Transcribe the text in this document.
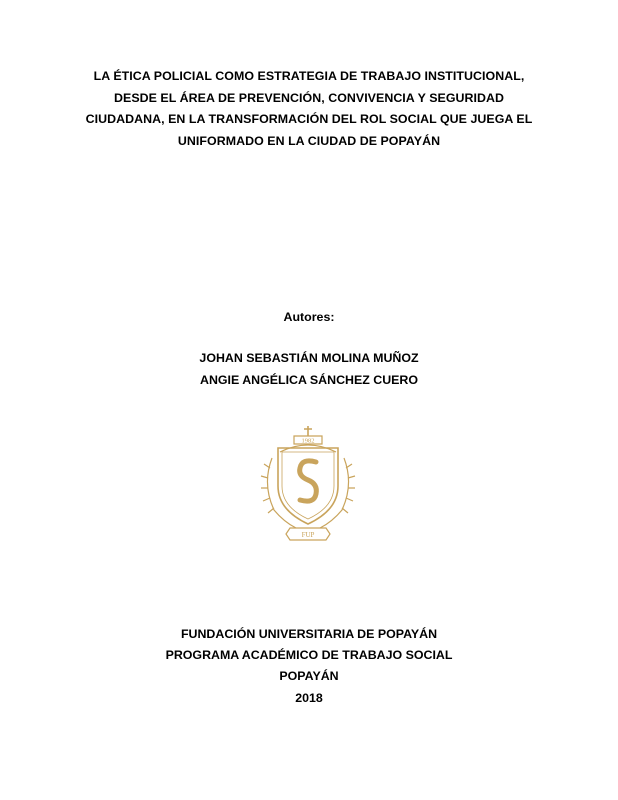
LA ÉTICA POLICIAL COMO ESTRATEGIA DE TRABAJO INSTITUCIONAL,
DESDE EL ÁREA DE PREVENCIÓN, CONVIVENCIA Y SEGURIDAD
CIUDADANA, EN LA TRANSFORMACIÓN DEL ROL SOCIAL QUE JUEGA EL
UNIFORMADO EN LA CIUDAD DE POPAYÁN
Autores:
JOHAN SEBASTIÁN MOLINA MUÑOZ
ANGIE ANGÉLICA SÁNCHEZ CUERO
1982
FUP
FUNDACIÓN UNIVERSITARIA DE POPAYÁN
PROGRAMA ACADÉMICO DE TRABAJO SOCIAL
POPAYÁN
2018
